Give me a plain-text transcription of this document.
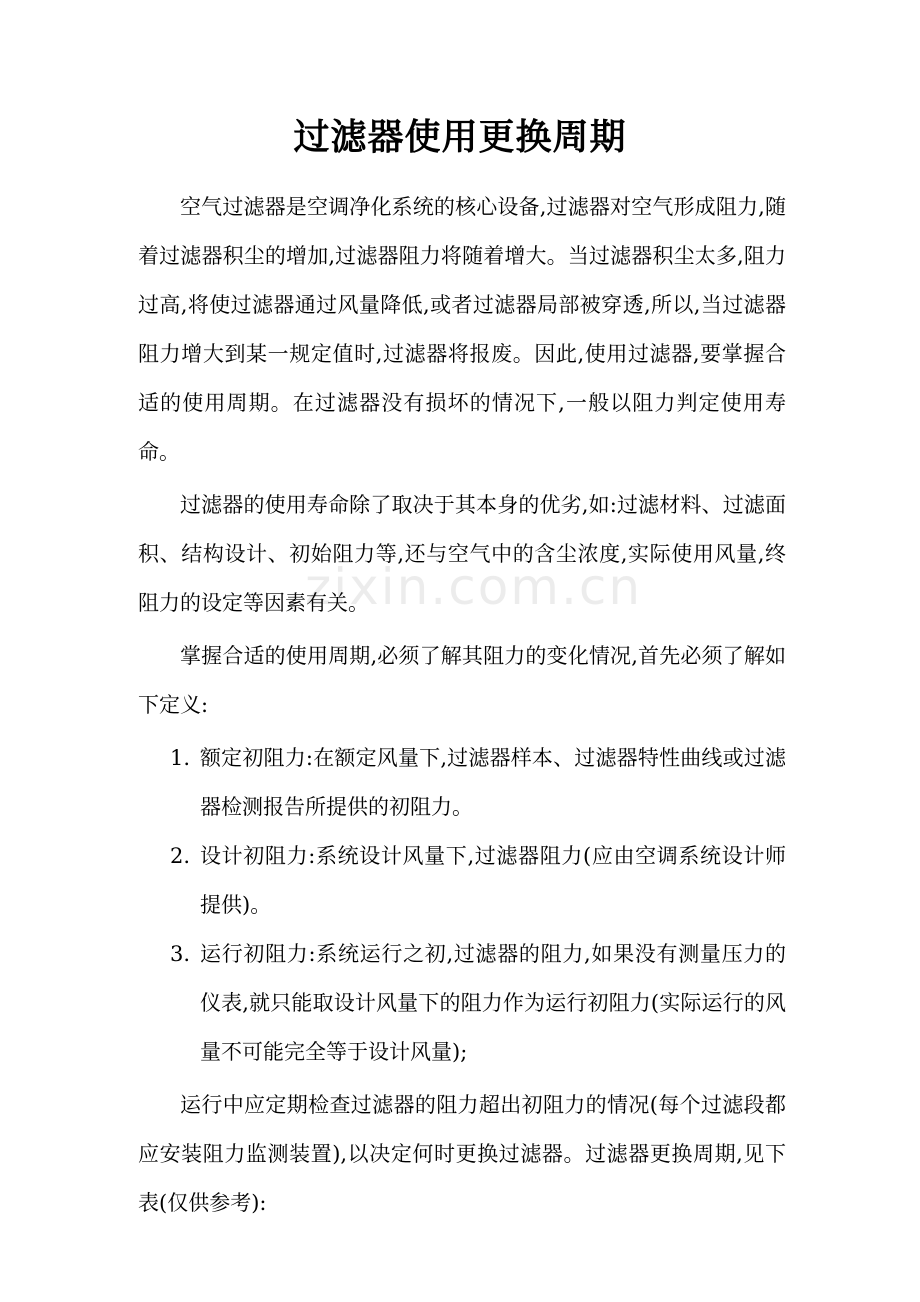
zixin.com.cn
过滤器使用更换周期

空气过滤器是空调净化系统的核心设备,过滤器对空气形成阻力,随着过滤器积尘的增加,过滤器阻力将随着增大。当过滤器积尘太多,阻力过高,将使过滤器通过风量降低,或者过滤器局部被穿透,所以,当过滤器阻力增大到某一规定值时,过滤器将报废。因此,使用过滤器,要掌握合适的使用周期。在过滤器没有损坏的情况下,一般以阻力判定使用寿命。

过滤器的使用寿命除了取决于其本身的优劣,如:过滤材料、过滤面积、结构设计、初始阻力等,还与空气中的含尘浓度,实际使用风量,终阻力的设定等因素有关。

掌握合适的使用周期,必须了解其阻力的变化情况,首先必须了解如下定义:

1. 额定初阻力:在额定风量下,过滤器样本、过滤器特性曲线或过滤器检测报告所提供的初阻力。
2. 设计初阻力:系统设计风量下,过滤器阻力(应由空调系统设计师提供)。
3. 运行初阻力:系统运行之初,过滤器的阻力,如果没有测量压力的仪表,就只能取设计风量下的阻力作为运行初阻力(实际运行的风量不可能完全等于设计风量);

运行中应定期检查过滤器的阻力超出初阻力的情况(每个过滤段都应安装阻力监测装置),以决定何时更换过滤器。过滤器更换周期,见下表(仅供参考):
